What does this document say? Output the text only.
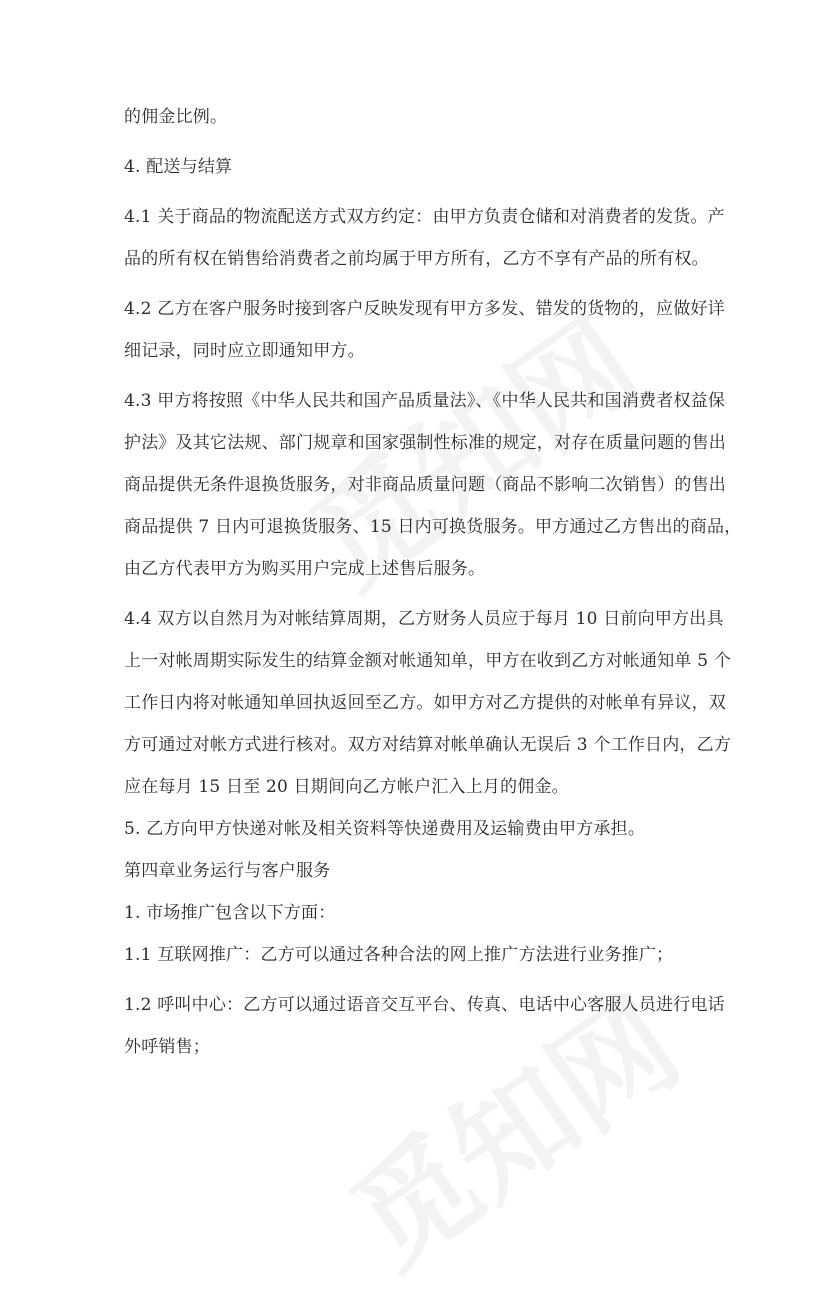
的佣金比例。
4. 配送与结算
4.1 关于商品的物流配送方式双方约定：由甲方负责仓储和对消费者的发货。产
品的所有权在销售给消费者之前均属于甲方所有，乙方不享有产品的所有权。
4.2 乙方在客户服务时接到客户反映发现有甲方多发、错发的货物的，应做好详
细记录，同时应立即通知甲方。
4.3 甲方将按照《中华人民共和国产品质量法》、《中华人民共和国消费者权益保
护法》及其它法规、部门规章和国家强制性标准的规定，对存在质量问题的售出
商品提供无条件退换货服务，对非商品质量问题（商品不影响二次销售）的售出
商品提供 7 日内可退换货服务、15 日内可换货服务。甲方通过乙方售出的商品，
由乙方代表甲方为购买用户完成上述售后服务。
4.4 双方以自然月为对帐结算周期，乙方财务人员应于每月 10 日前向甲方出具
上一对帐周期实际发生的结算金额对帐通知单，甲方在收到乙方对帐通知单 5 个
工作日内将对帐通知单回执返回至乙方。如甲方对乙方提供的对帐单有异议，双
方可通过对帐方式进行核对。双方对结算对帐单确认无误后 3 个工作日内，乙方
应在每月 15 日至 20 日期间向乙方帐户汇入上月的佣金。
5. 乙方向甲方快递对帐及相关资料等快递费用及运输费由甲方承担。
第四章业务运行与客户服务
1. 市场推广包含以下方面：
1.1 互联网推广：乙方可以通过各种合法的网上推广方法进行业务推广；
1.2 呼叫中心：乙方可以通过语音交互平台、传真、电话中心客服人员进行电话
外呼销售；
